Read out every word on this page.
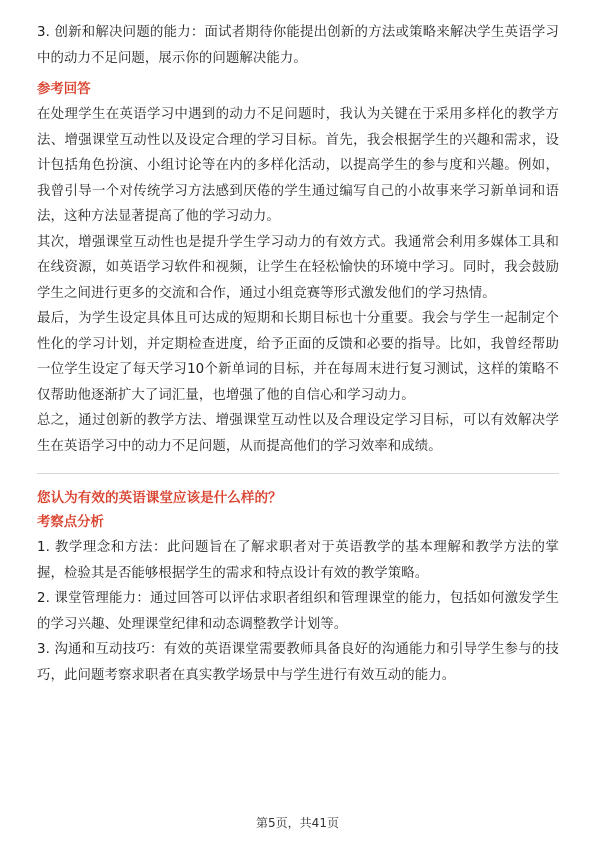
3. 创新和解决问题的能力：面试者期待你能提出创新的方法或策略来解决学生英语学习中的动力不足问题，展示你的问题解决能力。

参考回答

在处理学生在英语学习中遇到的动力不足问题时，我认为关键在于采用多样化的教学方法、增强课堂互动性以及设定合理的学习目标。首先，我会根据学生的兴趣和需求，设计包括角色扮演、小组讨论等在内的多样化活动，以提高学生的参与度和兴趣。例如，我曾引导一个对传统学习方法感到厌倦的学生通过编写自己的小故事来学习新单词和语法，这种方法显著提高了他的学习动力。

其次，增强课堂互动性也是提升学生学习动力的有效方式。我通常会利用多媒体工具和在线资源，如英语学习软件和视频，让学生在轻松愉快的环境中学习。同时，我会鼓励学生之间进行更多的交流和合作，通过小组竞赛等形式激发他们的学习热情。

最后，为学生设定具体且可达成的短期和长期目标也十分重要。我会与学生一起制定个性化的学习计划，并定期检查进度，给予正面的反馈和必要的指导。比如，我曾经帮助一位学生设定了每天学习10个新单词的目标，并在每周末进行复习测试，这样的策略不仅帮助他逐渐扩大了词汇量，也增强了他的自信心和学习动力。

总之，通过创新的教学方法、增强课堂互动性以及合理设定学习目标，可以有效解决学生在英语学习中的动力不足问题，从而提高他们的学习效率和成绩。

您认为有效的英语课堂应该是什么样的？
考察点分析

1. 教学理念和方法：此问题旨在了解求职者对于英语教学的基本理解和教学方法的掌握，检验其是否能够根据学生的需求和特点设计有效的教学策略。

2. 课堂管理能力：通过回答可以评估求职者组织和管理课堂的能力，包括如何激发学生的学习兴趣、处理课堂纪律和动态调整教学计划等。

3. 沟通和互动技巧：有效的英语课堂需要教师具备良好的沟通能力和引导学生参与的技巧，此问题考察求职者在真实教学场景中与学生进行有效互动的能力。

第5页，共41页
